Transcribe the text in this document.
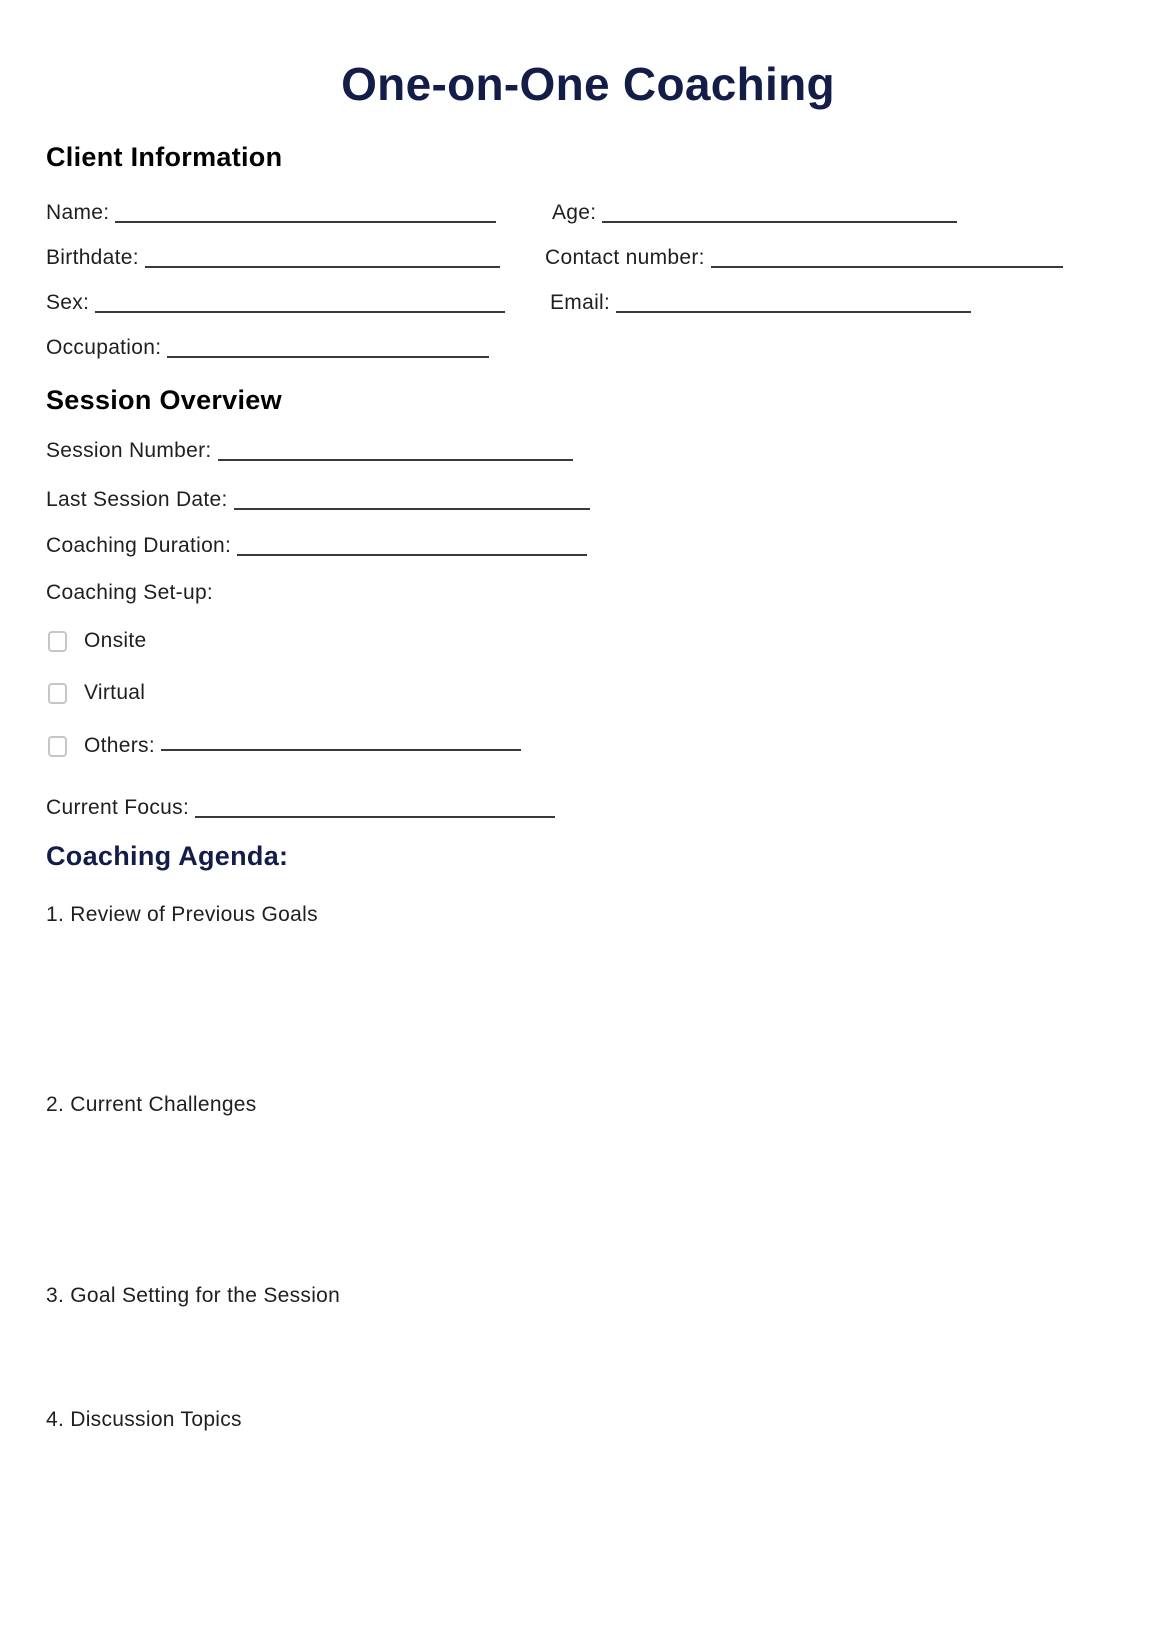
One-on-One Coaching
Client Information
Name:	Age:
Birthdate:	Contact number:
Sex:	Email:
Occupation:
Session Overview
Session Number:
Last Session Date:
Coaching Duration:
Coaching Set-up:
Onsite
Virtual
Others:
Current Focus:
Coaching Agenda:

1. Review of Previous Goals

2. Current Challenges

3. Goal Setting for the Session

4. Discussion Topics
